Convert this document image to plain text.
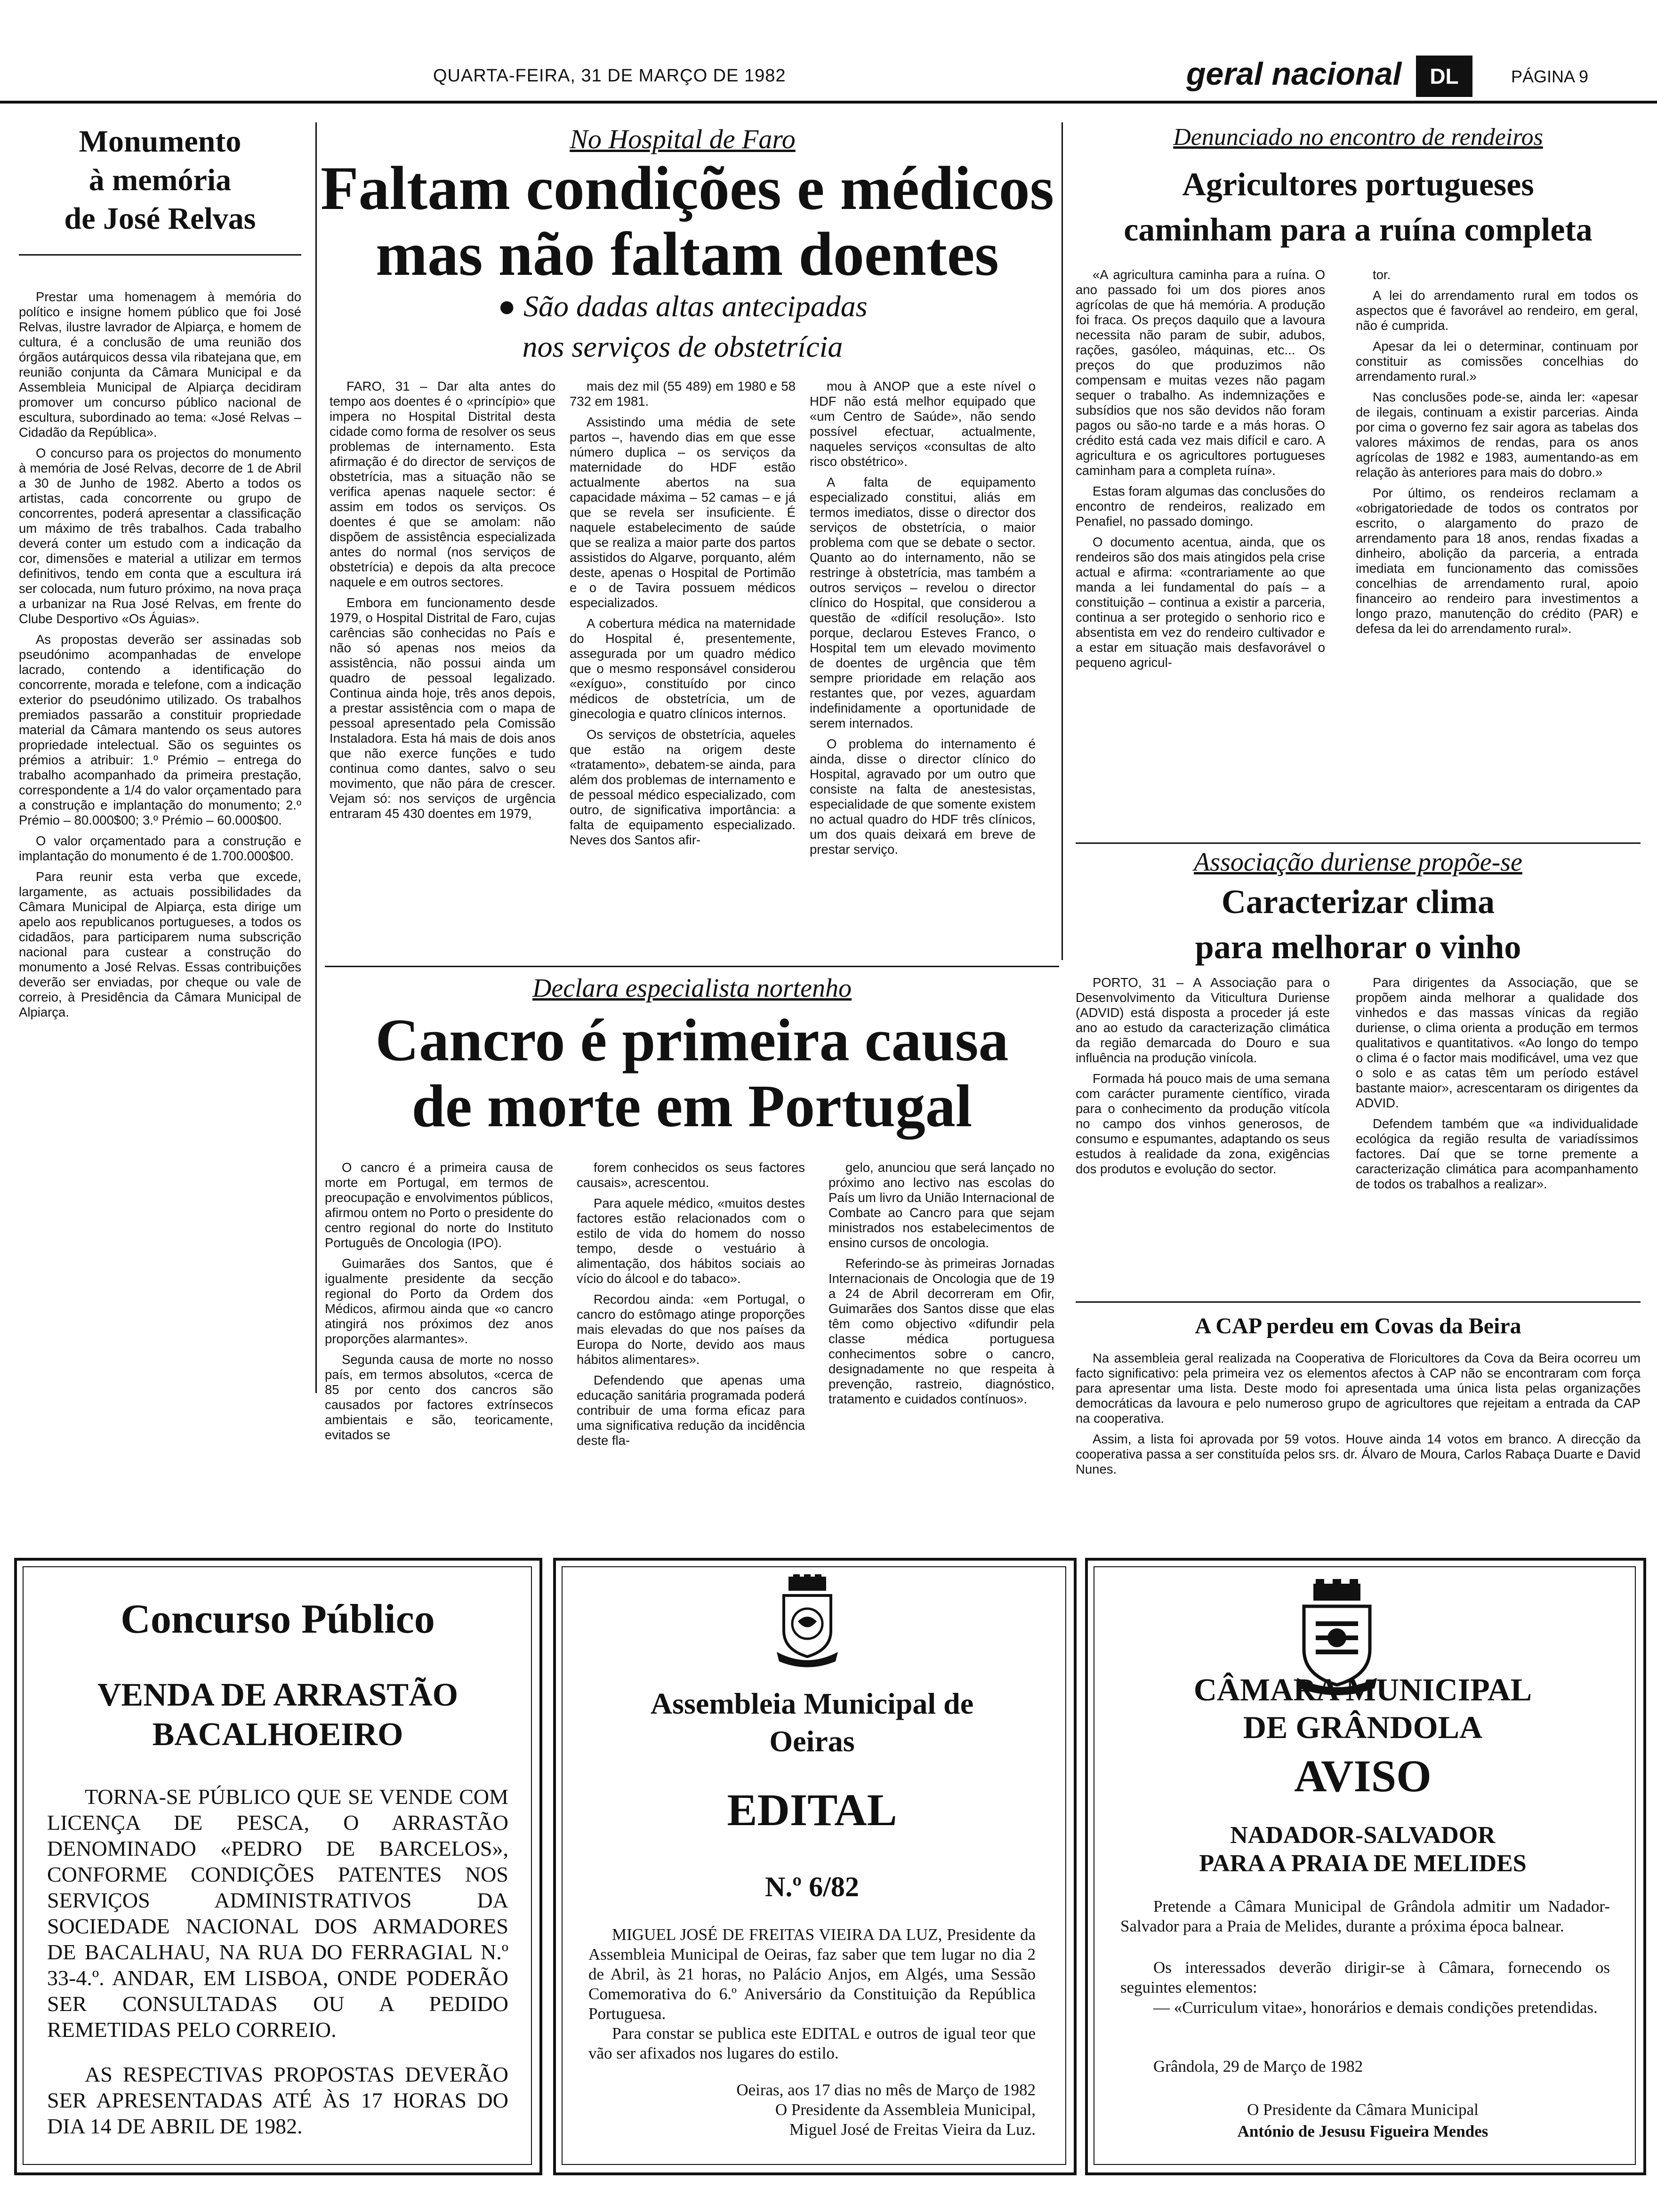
QUARTA-FEIRA, 31 DE MARÇO DE 1982	geral nacional	DL	PÁGINA 9
Monumento
à memória
de José Relvas

Prestar uma homenagem à memória do político e insigne homem público que foi José Relvas, ilustre lavrador de Alpiarça, e homem de cultura, é a conclusão de uma reunião dos órgãos autárquicos dessa vila ribatejana que, em reunião conjunta da Câmara Municipal e da Assembleia Municipal de Alpiarça decidiram promover um concurso público nacional de escultura, subordinado ao tema: «José Relvas – Cidadão da República».

O concurso para os projectos do monumento à memória de José Relvas, decorre de 1 de Abril a 30 de Junho de 1982. Aberto a todos os artistas, cada concorrente ou grupo de concorrentes, poderá apresentar a classificação um máximo de três trabalhos. Cada trabalho deverá conter um estudo com a indicação da cor, dimensões e material a utilizar em termos definitivos, tendo em conta que a escultura irá ser colocada, num futuro próximo, na nova praça a urbanizar na Rua José Relvas, em frente do Clube Desportivo «Os Águias».

As propostas deverão ser assinadas sob pseudónimo acompanhadas de envelope lacrado, contendo a identificação do concorrente, morada e telefone, com a indicação exterior do pseudónimo utilizado. Os trabalhos premiados passarão a constituir propriedade material da Câmara mantendo os seus autores propriedade intelectual. São os seguintes os prémios a atribuir: 1.º Prémio – entrega do trabalho acompanhado da primeira prestação, correspondente a 1/4 do valor orçamentado para a construção e implantação do monumento; 2.º Prémio – 80.000$00; 3.º Prémio – 60.000$00.

O valor orçamentado para a construção e implantação do monumento é de 1.700.000$00.

Para reunir esta verba que excede, largamente, as actuais possibilidades da Câmara Municipal de Alpiarça, esta dirige um apelo aos republicanos portugueses, a todos os cidadãos, para participarem numa subscrição nacional para custear a construção do monumento a José Relvas. Essas contribuições deverão ser enviadas, por cheque ou vale de correio, à Presidência da Câmara Municipal de Alpiarça.

No Hospital de Faro
Faltam condições e médicos
mas não faltam doentes
● São dadas altas antecipadas
nos serviços de obstetrícia

FARO, 31 – Dar alta antes do tempo aos doentes é o «princípio» que impera no Hospital Distrital desta cidade como forma de resolver os seus problemas de internamento. Esta afirmação é do director de serviços de obstetrícia, mas a situação não se verifica apenas naquele sector: é assim em todos os serviços. Os doentes é que se amolam: não dispõem de assistência especializada antes do normal (nos serviços de obstetrícia) e depois da alta precoce naquele e em outros sectores.

Embora em funcionamento desde 1979, o Hospital Distrital de Faro, cujas carências são conhecidas no País e não só apenas nos meios da assistência, não possui ainda um quadro de pessoal legalizado. Continua ainda hoje, três anos depois, a prestar assistência com o mapa de pessoal apresentado pela Comissão Instaladora. Esta há mais de dois anos que não exerce funções e tudo continua como dantes, salvo o seu movimento, que não pára de crescer. Vejam só: nos serviços de urgência entraram 45 430 doentes em 1979,

mais dez mil (55 489) em 1980 e 58 732 em 1981.

Assistindo uma média de sete partos –, havendo dias em que esse número duplica – os serviços da maternidade do HDF estão actualmente abertos na sua capacidade máxima – 52 camas – e já que se revela ser insuficiente. É naquele estabelecimento de saúde que se realiza a maior parte dos partos assistidos do Algarve, porquanto, além deste, apenas o Hospital de Portimão e o de Tavira possuem médicos especializados.

A cobertura médica na maternidade do Hospital é, presentemente, assegurada por um quadro médico que o mesmo responsável considerou «exíguo», constituído por cinco médicos de obstetrícia, um de ginecologia e quatro clínicos internos.

Os serviços de obstetrícia, aqueles que estão na origem deste «tratamento», debatem-se ainda, para além dos problemas de internamento e de pessoal médico especializado, com outro, de significativa importância: a falta de equipamento especializado. Neves dos Santos afir-

mou à ANOP que a este nível o HDF não está melhor equipado que «um Centro de Saúde», não sendo possível efectuar, actualmente, naqueles serviços «consultas de alto risco obstétrico».

A falta de equipamento especializado constitui, aliás em termos imediatos, disse o director dos serviços de obstetrícia, o maior problema com que se debate o sector. Quanto ao do internamento, não se restringe à obstetrícia, mas também a outros serviços – revelou o director clínico do Hospital, que considerou a questão de «difícil resolução». Isto porque, declarou Esteves Franco, o Hospital tem um elevado movimento de doentes de urgência que têm sempre prioridade em relação aos restantes que, por vezes, aguardam indefinidamente a oportunidade de serem internados.

O problema do internamento é ainda, disse o director clínico do Hospital, agravado por um outro que consiste na falta de anestesistas, especialidade de que somente existem no actual quadro do HDF três clínicos, um dos quais deixará em breve de prestar serviço.

Denunciado no encontro de rendeiros
Agricultores portugueses
caminham para a ruína completa

«A agricultura caminha para a ruína. O ano passado foi um dos piores anos agrícolas de que há memória. A produção foi fraca. Os preços daquilo que a lavoura necessita não param de subir, adubos, rações, gasóleo, máquinas, etc... Os preços do que produzimos não compensam e muitas vezes não pagam sequer o trabalho. As indemnizações e subsídios que nos são devidos não foram pagos ou são-no tarde e a más horas. O crédito está cada vez mais difícil e caro. A agricultura e os agricultores portugueses caminham para a completa ruína».

Estas foram algumas das conclusões do encontro de rendeiros, realizado em Penafiel, no passado domingo.

O documento acentua, ainda, que os rendeiros são dos mais atingidos pela crise actual e afirma: «contrariamente ao que manda a lei fundamental do país – a constituição – continua a existir a parceria, continua a ser protegido o senhorio rico e absentista em vez do rendeiro cultivador e a estar em situação mais desfavorável o pequeno agricul-

tor.

A lei do arrendamento rural em todos os aspectos que é favorável ao rendeiro, em geral, não é cumprida.

Apesar da lei o determinar, continuam por constituir as comissões concelhias do arrendamento rural.»

Nas conclusões pode-se, ainda ler: «apesar de ilegais, continuam a existir parcerias. Ainda por cima o governo fez sair agora as tabelas dos valores máximos de rendas, para os anos agrícolas de 1982 e 1983, aumentando-as em relação às anteriores para mais do dobro.»

Por último, os rendeiros reclamam a «obrigatoriedade de todos os contratos por escrito, o alargamento do prazo de arrendamento para 18 anos, rendas fixadas a dinheiro, abolição da parceria, a entrada imediata em funcionamento das comissões concelhias de arrendamento rural, apoio financeiro ao rendeiro para investimentos a longo prazo, manutenção do crédito (PAR) e defesa da lei do arrendamento rural».

Associação duriense propõe-se
Caracterizar clima
para melhorar o vinho

PORTO, 31 – A Associação para o Desenvolvimento da Viticultura Duriense (ADVID) está disposta a proceder já este ano ao estudo da caracterização climática da região demarcada do Douro e sua influência na produção vinícola.

Formada há pouco mais de uma semana com carácter puramente científico, virada para o conhecimento da produção vitícola no campo dos vinhos generosos, de consumo e espumantes, adaptando os seus estudos à realidade da zona, exigências dos produtos e evolução do sector.

Para dirigentes da Associação, que se propõem ainda melhorar a qualidade dos vinhedos e das massas vínicas da região duriense, o clima orienta a produção em termos qualitativos e quantitativos. «Ao longo do tempo o clima é o factor mais modificável, uma vez que o solo e as catas têm um período estável bastante maior», acrescentaram os dirigentes da ADVID.

Defendem também que «a individualidade ecológica da região resulta de variadíssimos factores. Daí que se torne premente a caracterização climática para acompanhamento de todos os trabalhos a realizar».

A CAP perdeu em Covas da Beira

Na assembleia geral realizada na Cooperativa de Floricultores da Cova da Beira ocorreu um facto significativo: pela primeira vez os elementos afectos à CAP não se encontraram com força para apresentar uma lista. Deste modo foi apresentada uma única lista pelas organizações democráticas da lavoura e pelo numeroso grupo de agricultores que rejeitam a entrada da CAP na cooperativa.

Assim, a lista foi aprovada por 59 votos. Houve ainda 14 votos em branco. A direcção da cooperativa passa a ser constituída pelos srs. dr. Álvaro de Moura, Carlos Rabaça Duarte e David Nunes.

Declara especialista nortenho
Cancro é primeira causa
de morte em Portugal

O cancro é a primeira causa de morte em Portugal, em termos de preocupação e envolvimentos públicos, afirmou ontem no Porto o presidente do centro regional do norte do Instituto Português de Oncologia (IPO).

Guimarães dos Santos, que é igualmente presidente da secção regional do Porto da Ordem dos Médicos, afirmou ainda que «o cancro atingirá nos próximos dez anos proporções alarmantes».

Segunda causa de morte no nosso país, em termos absolutos, «cerca de 85 por cento dos cancros são causados por factores extrínsecos ambientais e são, teoricamente, evitados se

forem conhecidos os seus factores causais», acrescentou.

Para aquele médico, «muitos destes factores estão relacionados com o estilo de vida do homem do nosso tempo, desde o vestuário à alimentação, dos hábitos sociais ao vício do álcool e do tabaco».

Recordou ainda: «em Portugal, o cancro do estômago atinge proporções mais elevadas do que nos países da Europa do Norte, devido aos maus hábitos alimentares».

Defendendo que apenas uma educação sanitária programada poderá contribuir de uma forma eficaz para uma significativa redução da incidência deste fla-

gelo, anunciou que será lançado no próximo ano lectivo nas escolas do País um livro da União Internacional de Combate ao Cancro para que sejam ministrados nos estabelecimentos de ensino cursos de oncologia.

Referindo-se às primeiras Jornadas Internacionais de Oncologia que de 19 a 24 de Abril decorreram em Ofir, Guimarães dos Santos disse que elas têm como objectivo «difundir pela classe médica portuguesa conhecimentos sobre o cancro, designadamente no que respeita à prevenção, rastreio, diagnóstico, tratamento e cuidados contínuos».

Concurso Público
VENDA DE ARRASTÃO
BACALHOEIRO
TORNA-SE PÚBLICO QUE SE VENDE COM LICENÇA DE PESCA, O ARRASTÃO DENOMINADO «PEDRO DE BARCELOS», CONFORME CONDIÇÕES PATENTES NOS SERVIÇOS ADMINISTRATIVOS DA SOCIEDADE NACIONAL DOS ARMADORES DE BACALHAU, NA RUA DO FERRAGIAL N.º 33-4.º. ANDAR, EM LISBOA, ONDE PODERÃO SER CONSULTADAS OU A PEDIDO REMETIDAS PELO CORREIO.
AS RESPECTIVAS PROPOSTAS DEVERÃO SER APRESENTADAS ATÉ ÀS 17 HORAS DO DIA 14 DE ABRIL DE 1982.
Assembleia Municipal de
Oeiras
EDITAL
N.º 6/82
MIGUEL JOSÉ DE FREITAS VIEIRA DA LUZ, Presidente da Assembleia Municipal de Oeiras, faz saber que tem lugar no dia 2 de Abril, às 21 horas, no Palácio Anjos, em Algés, uma Sessão Comemorativa do 6.º Aniversário da Constituição da República Portuguesa.
Para constar se publica este EDITAL e outros de igual teor que vão ser afixados nos lugares do estilo.
Oeiras, aos 17 dias no mês de Março de 1982
O Presidente da Assembleia Municipal,
Miguel José de Freitas Vieira da Luz.
CÂMARA MUNICIPAL
DE GRÂNDOLA
AVISO
NADADOR-SALVADOR
PARA A PRAIA DE MELIDES
Pretende a Câmara Municipal de Grândola admitir um Nadador-Salvador para a Praia de Melides, durante a próxima época balnear.
Os interessados deverão dirigir-se à Câmara, fornecendo os seguintes elementos:
— «Curriculum vitae», honorários e demais condições pretendidas.
Grândola, 29 de Março de 1982
O Presidente da Câmara Municipal
António de Jesusu Figueira Mendes
